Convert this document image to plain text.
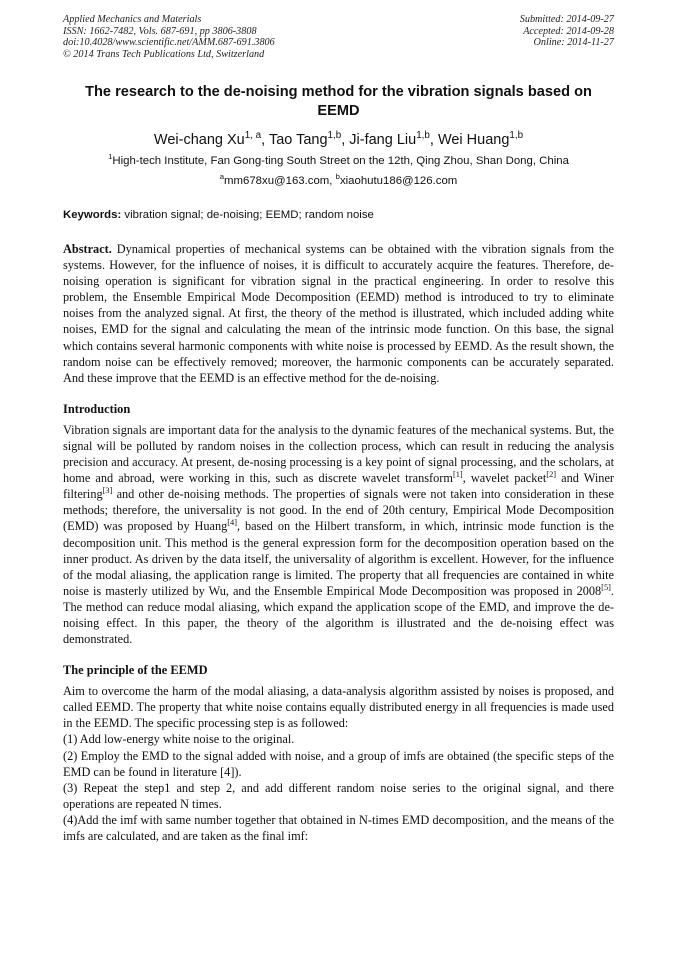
Applied Mechanics and Materials
ISSN: 1662-7482, Vols. 687-691, pp 3806-3808
doi:10.4028/www.scientific.net/AMM.687-691.3806
© 2014 Trans Tech Publications Ltd, Switzerland
Submitted: 2014-09-27
Accepted: 2014-09-28
Online: 2014-11-27
The research to the de-noising method for the vibration signals based on EEMD
Wei-chang Xu$^{1, a}$, Tao Tang$^{1,b}$, Ji-fang Liu$^{1,b}$, Wei Huang$^{1,b}$
$^1$High-tech Institute, Fan Gong-ting South Street on the 12th, Qing Zhou, Shan Dong, China
$^a$mm678xu@163.com, $^b$xiaohutu186@126.com
Keywords: vibration signal; de-noising; EEMD; random noise

Abstract. Dynamical properties of mechanical systems can be obtained with the vibration signals from the systems. However, for the influence of noises, it is difficult to accurately acquire the features. Therefore, de-noising operation is significant for vibration signal in the practical engineering. In order to resolve this problem, the Ensemble Empirical Mode Decomposition (EEMD) method is introduced to try to eliminate noises from the analyzed signal. At first, the theory of the method is illustrated, which included adding white noises, EMD for the signal and calculating the mean of the intrinsic mode function. On this base, the signal which contains several harmonic components with white noise is processed by EEMD. As the result shown, the random noise can be effectively removed; moreover, the harmonic components can be accurately separated. And these improve that the EEMD is an effective method for the de-noising.

Introduction

Vibration signals are important data for the analysis to the dynamic features of the mechanical systems. But, the signal will be polluted by random noises in the collection process, which can result in reducing the analysis precision and accuracy. At present, de-nosing processing is a key point of signal processing, and the scholars, at home and abroad, were working in this, such as discrete wavelet transform[1], wavelet packet[2] and Winer filtering[3] and other de-noising methods. The properties of signals were not taken into consideration in these methods; therefore, the universality is not good. In the end of 20th century, Empirical Mode Decomposition (EMD) was proposed by Huang[4], based on the Hilbert transform, in which, intrinsic mode function is the decomposition unit. This method is the general expression form for the decomposition operation based on the inner product. As driven by the data itself, the universality of algorithm is excellent. However, for the influence of the modal aliasing, the application range is limited. The property that all frequencies are contained in white noise is masterly utilized by Wu, and the Ensemble Empirical Mode Decomposition was proposed in 2008[5]. The method can reduce modal aliasing, which expand the application scope of the EMD, and improve the de-noising effect. In this paper, the theory of the algorithm is illustrated and the de-noising effect was demonstrated.

The principle of the EEMD

Aim to overcome the harm of the modal aliasing, a data-analysis algorithm assisted by noises is proposed, and called EEMD. The property that white noise contains equally distributed energy in all frequencies is made used in the EEMD. The specific processing step is as followed:

(1) Add low-energy white noise to the original.

(2) Employ the EMD to the signal added with noise, and a group of imfs are obtained (the specific steps of the EMD can be found in literature [4]).

(3) Repeat the step1 and step 2, and add different random noise series to the original signal, and there operations are repeated N times.

(4)Add the imf with same number together that obtained in N-times EMD decomposition, and the means of the imfs are calculated, and are taken as the final imf:
